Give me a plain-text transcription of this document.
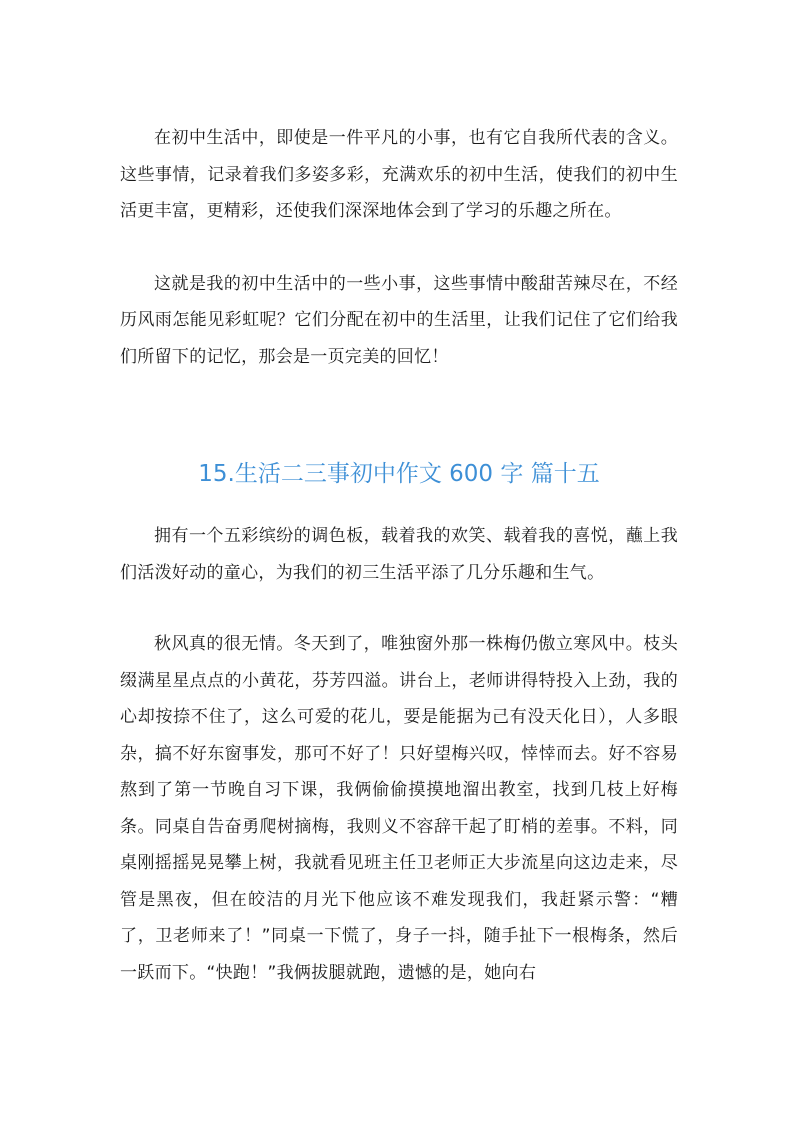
在初中生活中，即使是一件平凡的小事，也有它自我所代表的含义。这些事情，记录着我们多姿多彩，充满欢乐的初中生活，使我们的初中生活更丰富，更精彩，还使我们深深地体会到了学习的乐趣之所在。

这就是我的初中生活中的一些小事，这些事情中酸甜苦辣尽在，不经历风雨怎能见彩虹呢？它们分配在初中的生活里，让我们记住了它们给我们所留下的记忆，那会是一页完美的回忆！

15.生活二三事初中作文 600 字 篇十五

拥有一个五彩缤纷的调色板，载着我的欢笑、载着我的喜悦，蘸上我们活泼好动的童心，为我们的初三生活平添了几分乐趣和生气。

秋风真的很无情。冬天到了，唯独窗外那一株梅仍傲立寒风中。枝头缀满星星点点的小黄花，芬芳四溢。讲台上，老师讲得特投入上劲，我的心却按捺不住了，这么可爱的花儿，要是能据为己有没天化日），人多眼杂，搞不好东窗事发，那可不好了！只好望梅兴叹，悻悻而去。好不容易熬到了第一节晚自习下课，我俩偷偷摸摸地溜出教室，找到几枝上好梅条。同桌自告奋勇爬树摘梅，我则义不容辞干起了盯梢的差事。不料，同桌刚摇摇晃晃攀上树，我就看见班主任卫老师正大步流星向这边走来，尽管是黑夜，但在皎洁的月光下他应该不难发现我们，我赶紧示警：“糟了，卫老师来了！”同桌一下慌了，身子一抖，随手扯下一根梅条，然后一跃而下。“快跑！”我俩拔腿就跑，遗憾的是，她向右
